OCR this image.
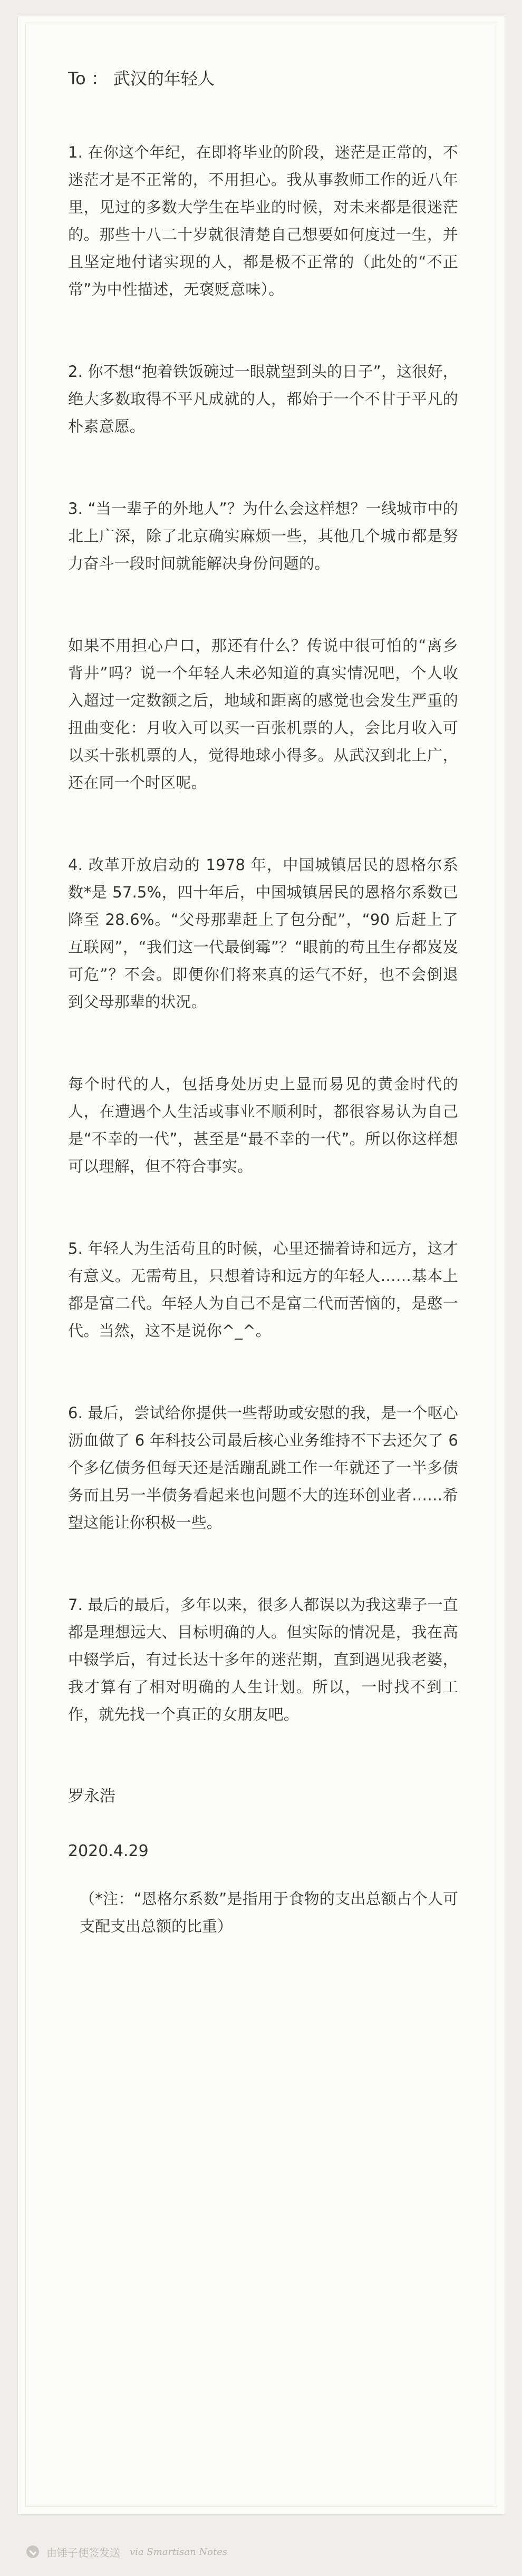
To ： 武汉的年轻人

1. 在你这个年纪，在即将毕业的阶段，迷茫是正常的，不迷茫才是不正常的，不用担心。我从事教师工作的近八年里，见过的多数大学生在毕业的时候，对未来都是很迷茫的。那些十八二十岁就很清楚自己想要如何度过一生，并且坚定地付诸实现的人，都是极不正常的（此处的“不正常”为中性描述，无褒贬意味）。

2. 你不想“抱着铁饭碗过一眼就望到头的日子”，这很好，绝大多数取得不平凡成就的人，都始于一个不甘于平凡的朴素意愿。

3. “当一辈子的外地人”？为什么会这样想？一线城市中的北上广深，除了北京确实麻烦一些，其他几个城市都是努力奋斗一段时间就能解决身份问题的。

如果不用担心户口，那还有什么？传说中很可怕的“离乡背井”吗？说一个年轻人未必知道的真实情况吧，个人收入超过一定数额之后，地域和距离的感觉也会发生严重的扭曲变化：月收入可以买一百张机票的人，会比月收入可以买十张机票的人，觉得地球小得多。从武汉到北上广，还在同一个时区呢。

4. 改革开放启动的 1978 年，中国城镇居民的恩格尔系数*是 57.5%，四十年后，中国城镇居民的恩格尔系数已降至 28.6%。“父母那辈赶上了包分配”，“90 后赶上了互联网”，“我们这一代最倒霉”？“眼前的苟且生存都岌岌可危”？不会。即便你们将来真的运气不好，也不会倒退到父母那辈的状况。

每个时代的人，包括身处历史上显而易见的黄金时代的人，在遭遇个人生活或事业不顺利时，都很容易认为自己是“不幸的一代”，甚至是“最不幸的一代”。所以你这样想可以理解，但不符合事实。

5. 年轻人为生活苟且的时候，心里还揣着诗和远方，这才有意义。无需苟且，只想着诗和远方的年轻人……基本上都是富二代。年轻人为自己不是富二代而苦恼的，是憨一代。当然，这不是说你^_^。

6. 最后，尝试给你提供一些帮助或安慰的我，是一个呕心沥血做了 6 年科技公司最后核心业务维持不下去还欠了 6 个多亿债务但每天还是活蹦乱跳工作一年就还了一半多债务而且另一半债务看起来也问题不大的连环创业者……希望这能让你积极一些。

7. 最后的最后，多年以来，很多人都误以为我这辈子一直都是理想远大、目标明确的人。但实际的情况是，我在高中辍学后，有过长达十多年的迷茫期，直到遇见我老婆，我才算有了相对明确的人生计划。所以，一时找不到工作，就先找一个真正的女朋友吧。

罗永浩
2020.4.29

（*注：“恩格尔系数”是指用于食物的支出总额占个人可支配支出总额的比重）

由锤子便签发送 via Smartisan Notes
